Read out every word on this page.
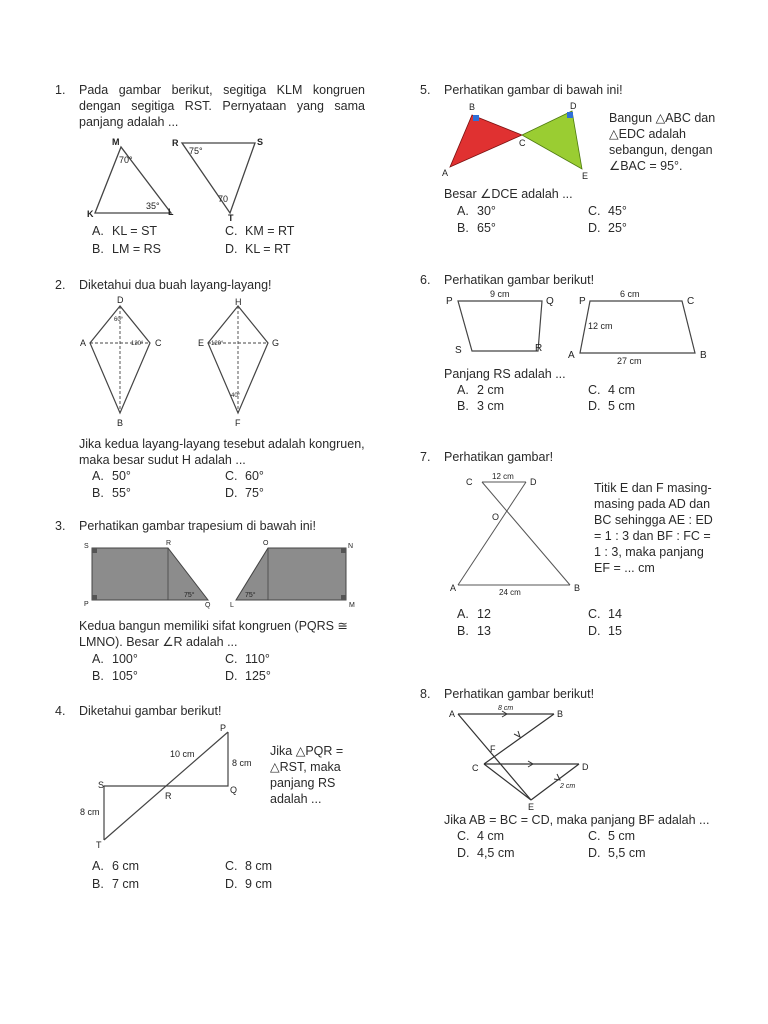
1. Pada gambar berikut, segitiga KLM kongruen dengan segitiga RST. Pernyataan yang sama panjang adalah ...
M
K	L
70°
35°
R	S
T
75°
70
A. KL = ST
B. LM = RS
C. KM = RT
D. KL = RT
2. Diketahui dua buah layang-layang!
D
A	C
B
60°
120°
H
E	G
F
120°
40°
Jika kedua layang-layang tesebut adalah kongruen, maka besar sudut H adalah ...
A. 50°
B. 55°
C. 60°
D. 75°
3. Perhatikan gambar trapesium di bawah ini!
S	R
P	Q
75°
O	N
L	M
75°
Kedua bangun memiliki sifat kongruen (PQRS ≅ LMNO). Besar ∠R adalah ...
A. 100°
B. 105°
C. 110°
D. 125°
4. Diketahui gambar berikut!
P
Q
R
S
T
10 cm
8 cm
8 cm
Jika △PQR = △RST, maka panjang RS adalah ...
A. 6 cm
B. 7 cm
C. 8 cm
D. 9 cm
5. Perhatikan gambar di bawah ini!
B	D
C
A	E
Bangun △ABC dan △EDC adalah sebangun, dengan ∠BAC = 95°.
Besar ∠DCE adalah ...
A. 30°
B. 65°
C. 45°
D. 25°
6. Perhatikan gambar berikut!
P	Q
R
S
9 cm
P	C
A	B
6 cm
12 cm
27 cm
Panjang RS adalah ...
A. 2 cm
B. 3 cm
C. 4 cm
D. 5 cm
7. Perhatikan gambar!
C	D
O
A	B
12 cm
24 cm
Titik E dan F masing-masing pada AD dan BC sehingga AE : ED = 1 : 3 dan BF : FC = 1 : 3, maka panjang EF = ... cm
A. 12
B. 13
C. 14
D. 15
8. Perhatikan gambar berikut!
A	B
C	D
E
F
8 cm
2 cm
Jika AB = BC = CD, maka panjang BF adalah ...
C. 4 cm
D. 4,5 cm
C. 5 cm
D. 5,5 cm
